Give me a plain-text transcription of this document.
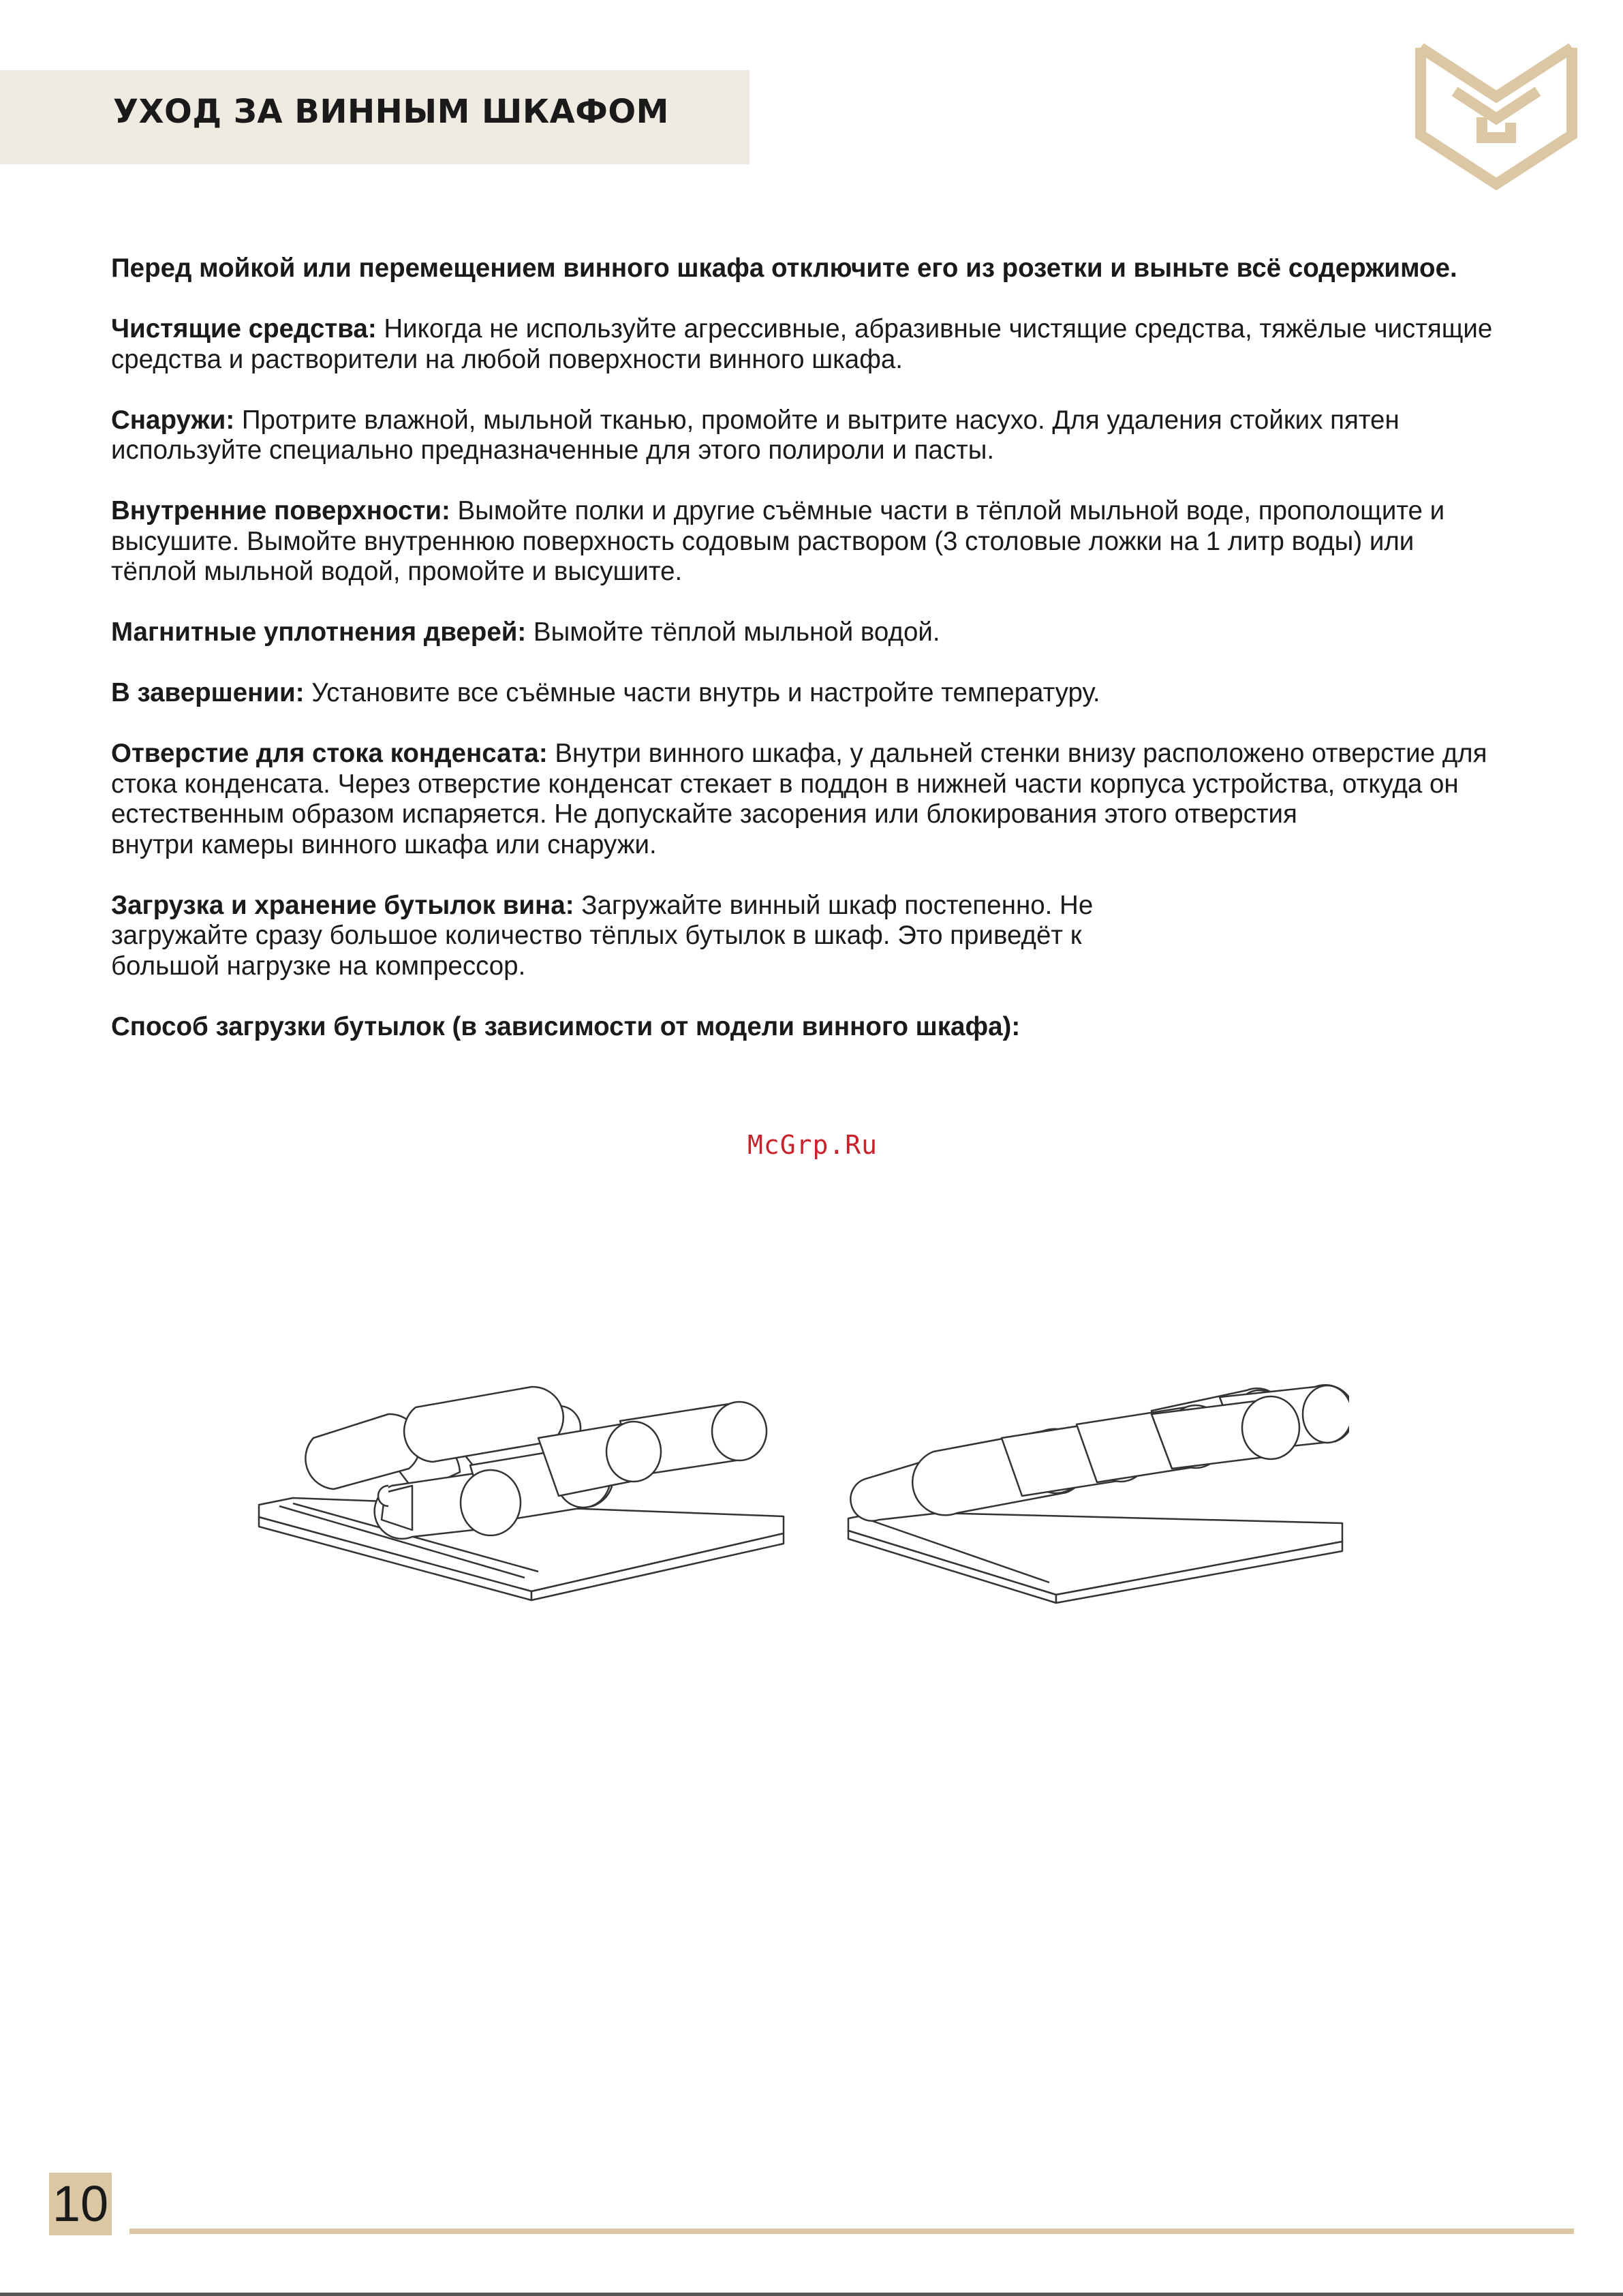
УХОД ЗА ВИННЫМ ШКАФОМ

Перед мойкой или перемещением винного шкафа отключите его из розетки и выньте всё содержимое.

Чистящие средства: Никогда не используйте агрессивные, абразивные чистящие средства, тяжёлые чистящие средства и растворители на любой поверхности винного шкафа.

Снаружи: Протрите влажной, мыльной тканью, промойте и вытрите насухо. Для удаления стойких пятен используйте специально предназначенные для этого полироли и пасты.

Внутренние поверхности: Вымойте полки и другие съёмные части в тёплой мыльной воде, прополощите и высушите. Вымойте внутреннюю поверхность содовым раствором (3 столовые ложки на 1 литр воды) или тёплой мыльной водой, промойте и высушите.

Магнитные уплотнения дверей: Вымойте тёплой мыльной водой.

В завершении: Установите все съёмные части внутрь и настройте температуру.

Отверстие для стока конденсата: Внутри винного шкафа, у дальней стенки внизу расположено отверстие для стока конденсата. Через отверстие конденсат стекает в поддон в нижней части корпуса устройства, откуда он естественным образом испаряется. Не допускайте засорения или блокирования этого отверстия
внутри камеры винного шкафа или снаружи.

Загрузка и хранение бутылок вина: Загружайте винный шкаф постепенно. Не загружайте сразу большое количество тёплых бутылок в шкаф. Это приведёт к большой нагрузке на компрессор.

Способ загрузки бутылок (в зависимости от модели винного шкафа):

McGrp.Ru
10
